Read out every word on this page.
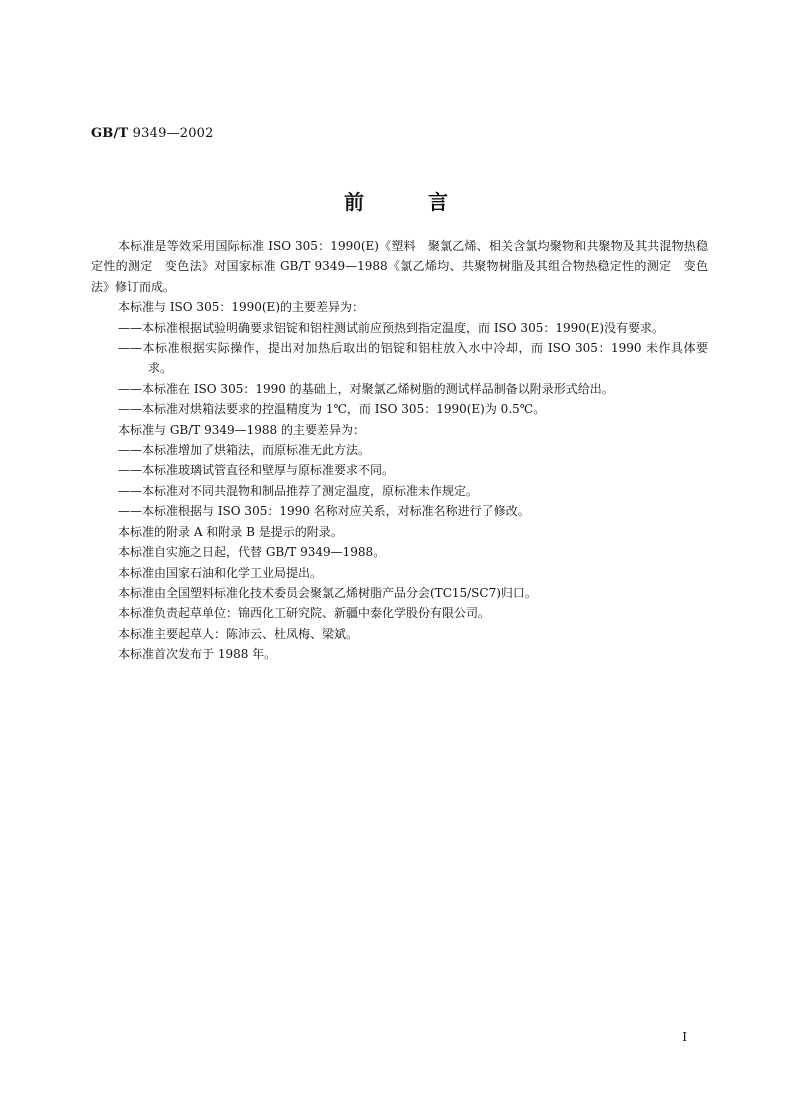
GB/T 9349—2002
前言

本标准是等效采用国际标准 ISO 305：1990(E)《塑料　聚氯乙烯、相关含氯均聚物和共聚物及其共混物热稳定性的测定　变色法》对国家标准 GB/T 9349—1988《氯乙烯均、共聚物树脂及其组合物热稳定性的测定　变色法》修订而成。

本标准与 ISO 305：1990(E)的主要差异为：

——本标准根据试验明确要求铝锭和铝柱测试前应预热到指定温度，而 ISO 305：1990(E)没有要求。

——本标准根据实际操作，提出对加热后取出的铝锭和铝柱放入水中冷却，而 ISO 305：1990 未作具体要求。

——本标准在 ISO 305：1990 的基础上，对聚氯乙烯树脂的测试样品制备以附录形式给出。

——本标准对烘箱法要求的控温精度为 1℃，而 ISO 305：1990(E)为 0.5℃。

本标准与 GB/T 9349—1988 的主要差异为：

——本标准增加了烘箱法，而原标准无此方法。

——本标准玻璃试管直径和壁厚与原标准要求不同。

——本标准对不同共混物和制品推荐了测定温度，原标准未作规定。

——本标准根据与 ISO 305：1990 名称对应关系，对标准名称进行了修改。

本标准的附录 A 和附录 B 是提示的附录。

本标准自实施之日起，代替 GB/T 9349—1988。

本标准由国家石油和化学工业局提出。

本标准由全国塑料标准化技术委员会聚氯乙烯树脂产品分会(TC15/SC7)归口。

本标准负责起草单位：锦西化工研究院、新疆中泰化学股份有限公司。

本标准主要起草人：陈沛云、杜凤梅、梁斌。

本标准首次发布于 1988 年。

I
